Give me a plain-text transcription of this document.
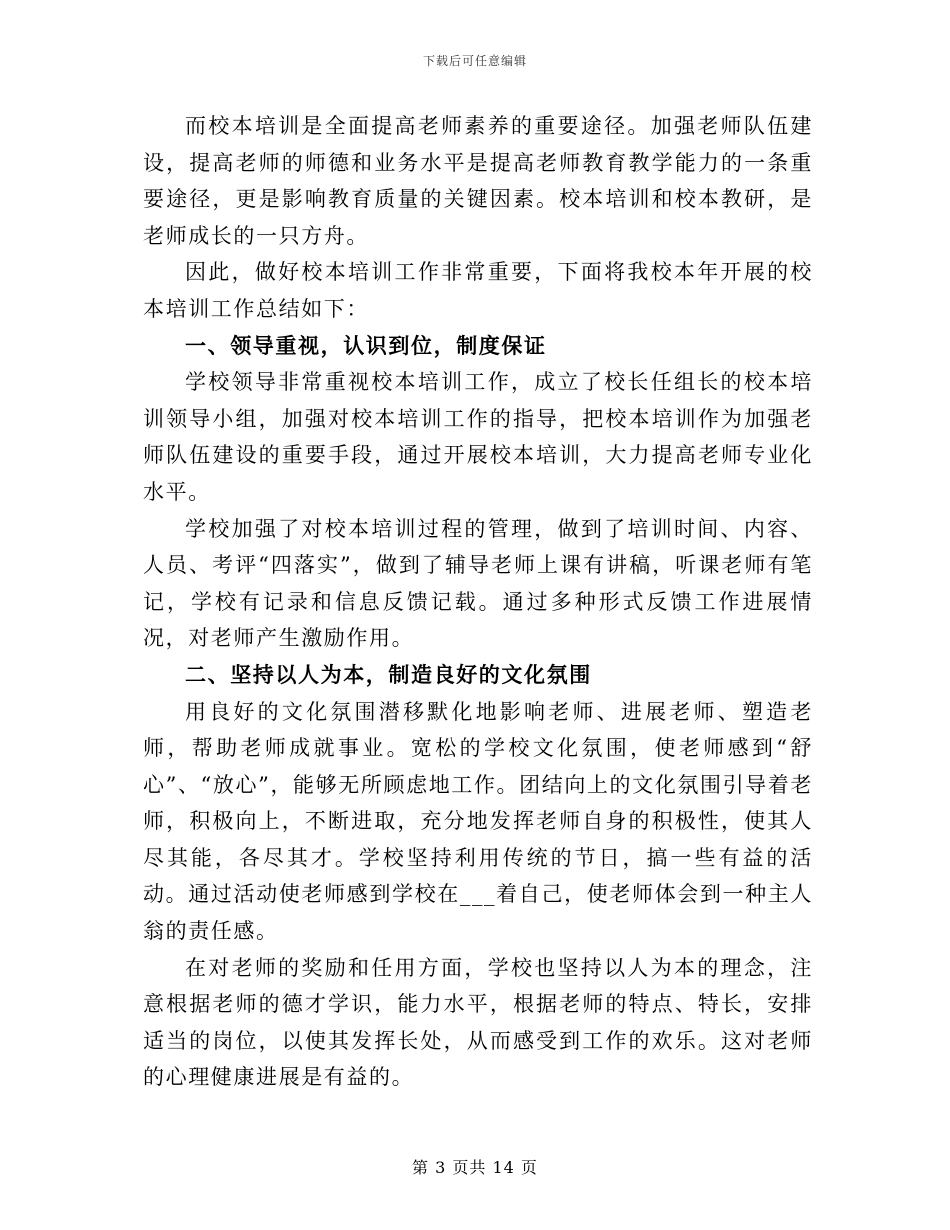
下载后可任意编辑

而校本培训是全面提高老师素养的重要途径。加强老师队伍建设，提高老师的师德和业务水平是提高老师教育教学能力的一条重要途径，更是影响教育质量的关键因素。校本培训和校本教研，是老师成长的一只方舟。

因此，做好校本培训工作非常重要，下面将我校本年开展的校本培训工作总结如下：

一、领导重视，认识到位，制度保证

学校领导非常重视校本培训工作，成立了校长任组长的校本培训领导小组，加强对校本培训工作的指导，把校本培训作为加强老师队伍建设的重要手段，通过开展校本培训，大力提高老师专业化水平。

学校加强了对校本培训过程的管理，做到了培训时间、内容、人员、考评“四落实”，做到了辅导老师上课有讲稿，听课老师有笔记，学校有记录和信息反馈记载。通过多种形式反馈工作进展情况，对老师产生激励作用。

二、坚持以人为本，制造良好的文化氛围

用良好的文化氛围潜移默化地影响老师、进展老师、塑造老师，帮助老师成就事业。宽松的学校文化氛围，使老师感到“舒心”、“放心”，能够无所顾虑地工作。团结向上的文化氛围引导着老师，积极向上，不断进取，充分地发挥老师自身的积极性，使其人尽其能，各尽其才。学校坚持利用传统的节日，搞一些有益的活动。通过活动使老师感到学校在___着自己，使老师体会到一种主人翁的责任感。

在对老师的奖励和任用方面，学校也坚持以人为本的理念，注意根据老师的德才学识，能力水平，根据老师的特点、特长，安排适当的岗位，以使其发挥长处，从而感受到工作的欢乐。这对老师的心理健康进展是有益的。

第 3 页共 14 页
